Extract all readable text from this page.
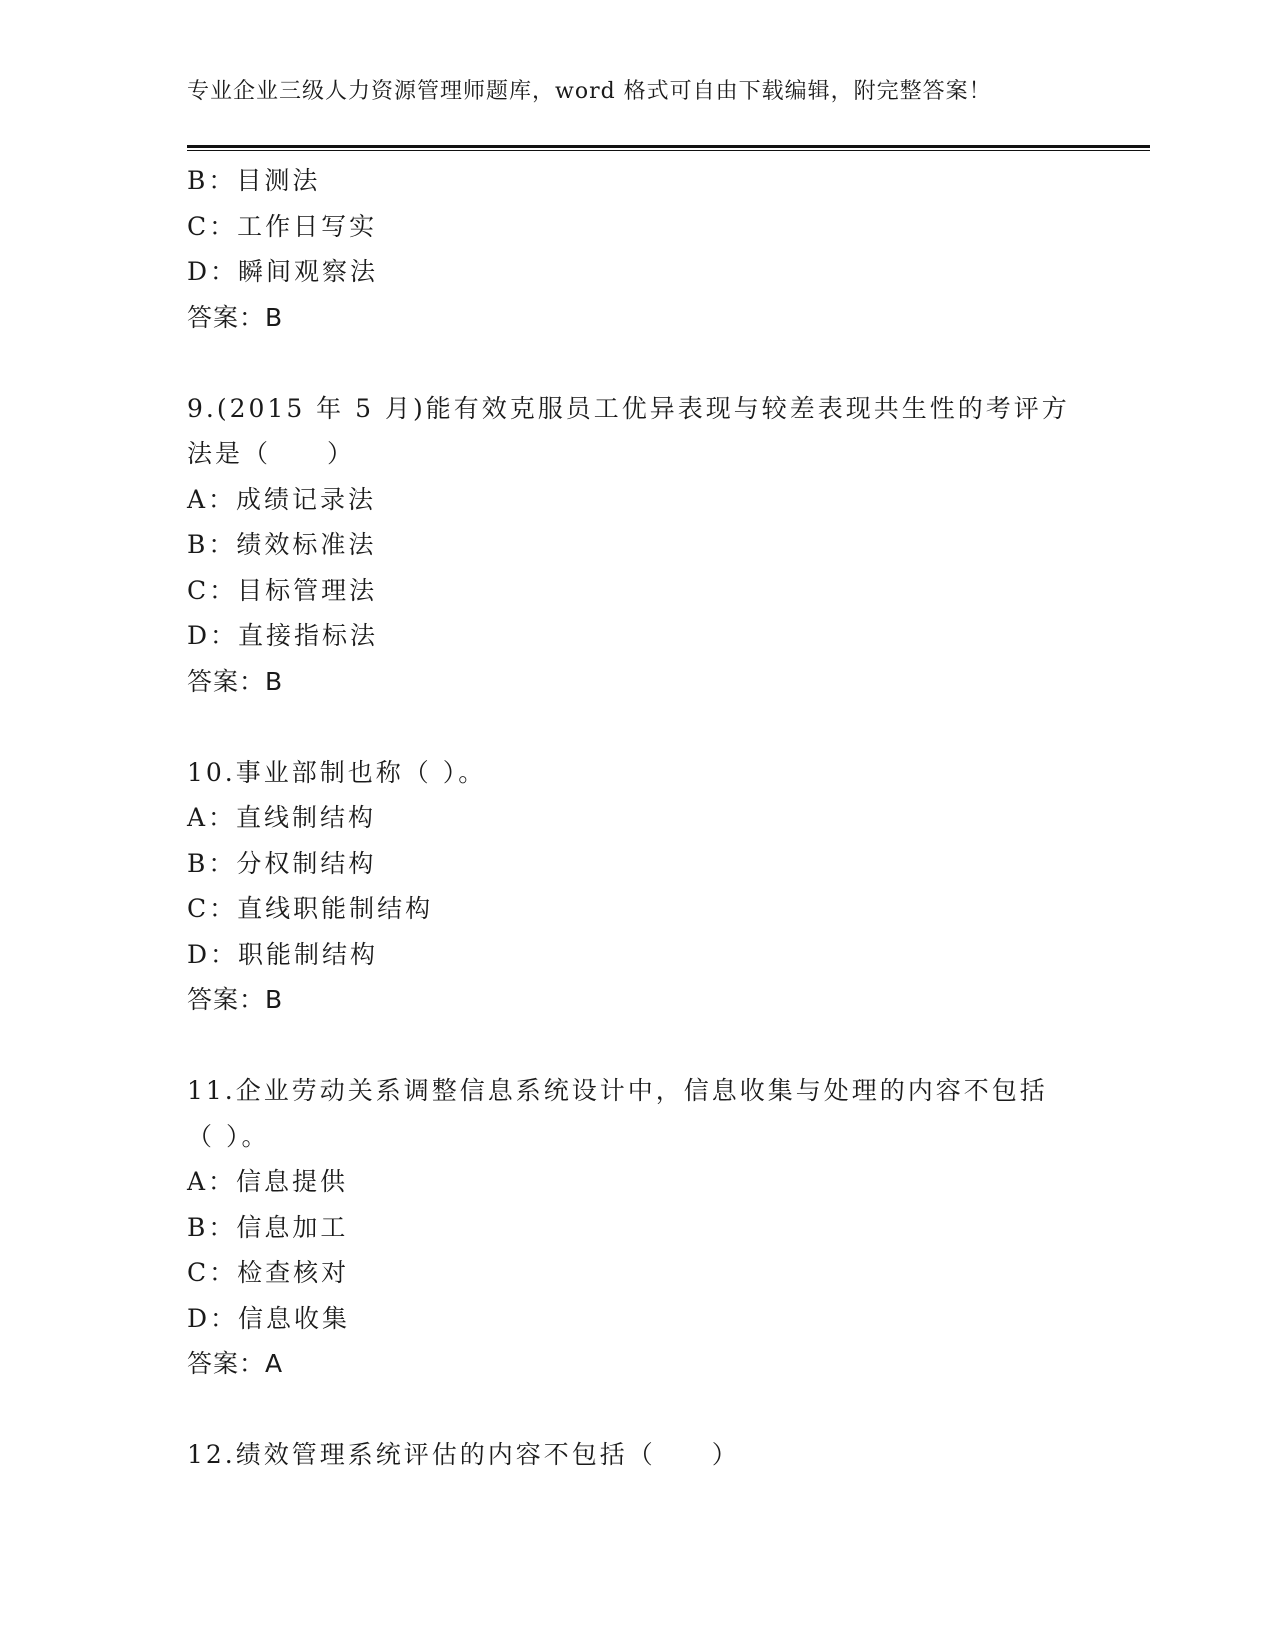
专业企业三级人力资源管理师题库，word 格式可自由下载编辑，附完整答案！
B：目测法
C：工作日写实
D：瞬间观察法
答案：B
9.(2015 年 5 月)能有效克服员工优异表现与较差表现共生性的考评方
法是（　　）
A：成绩记录法
B：绩效标准法
C：目标管理法
D：直接指标法
答案：B
10.事业部制也称（ ）。
A：直线制结构
B：分权制结构
C：直线职能制结构
D：职能制结构
答案：B
11.企业劳动关系调整信息系统设计中，信息收集与处理的内容不包括
（ ）。
A：信息提供
B：信息加工
C：检查核对
D：信息收集
答案：A
12.绩效管理系统评估的内容不包括（　　）
